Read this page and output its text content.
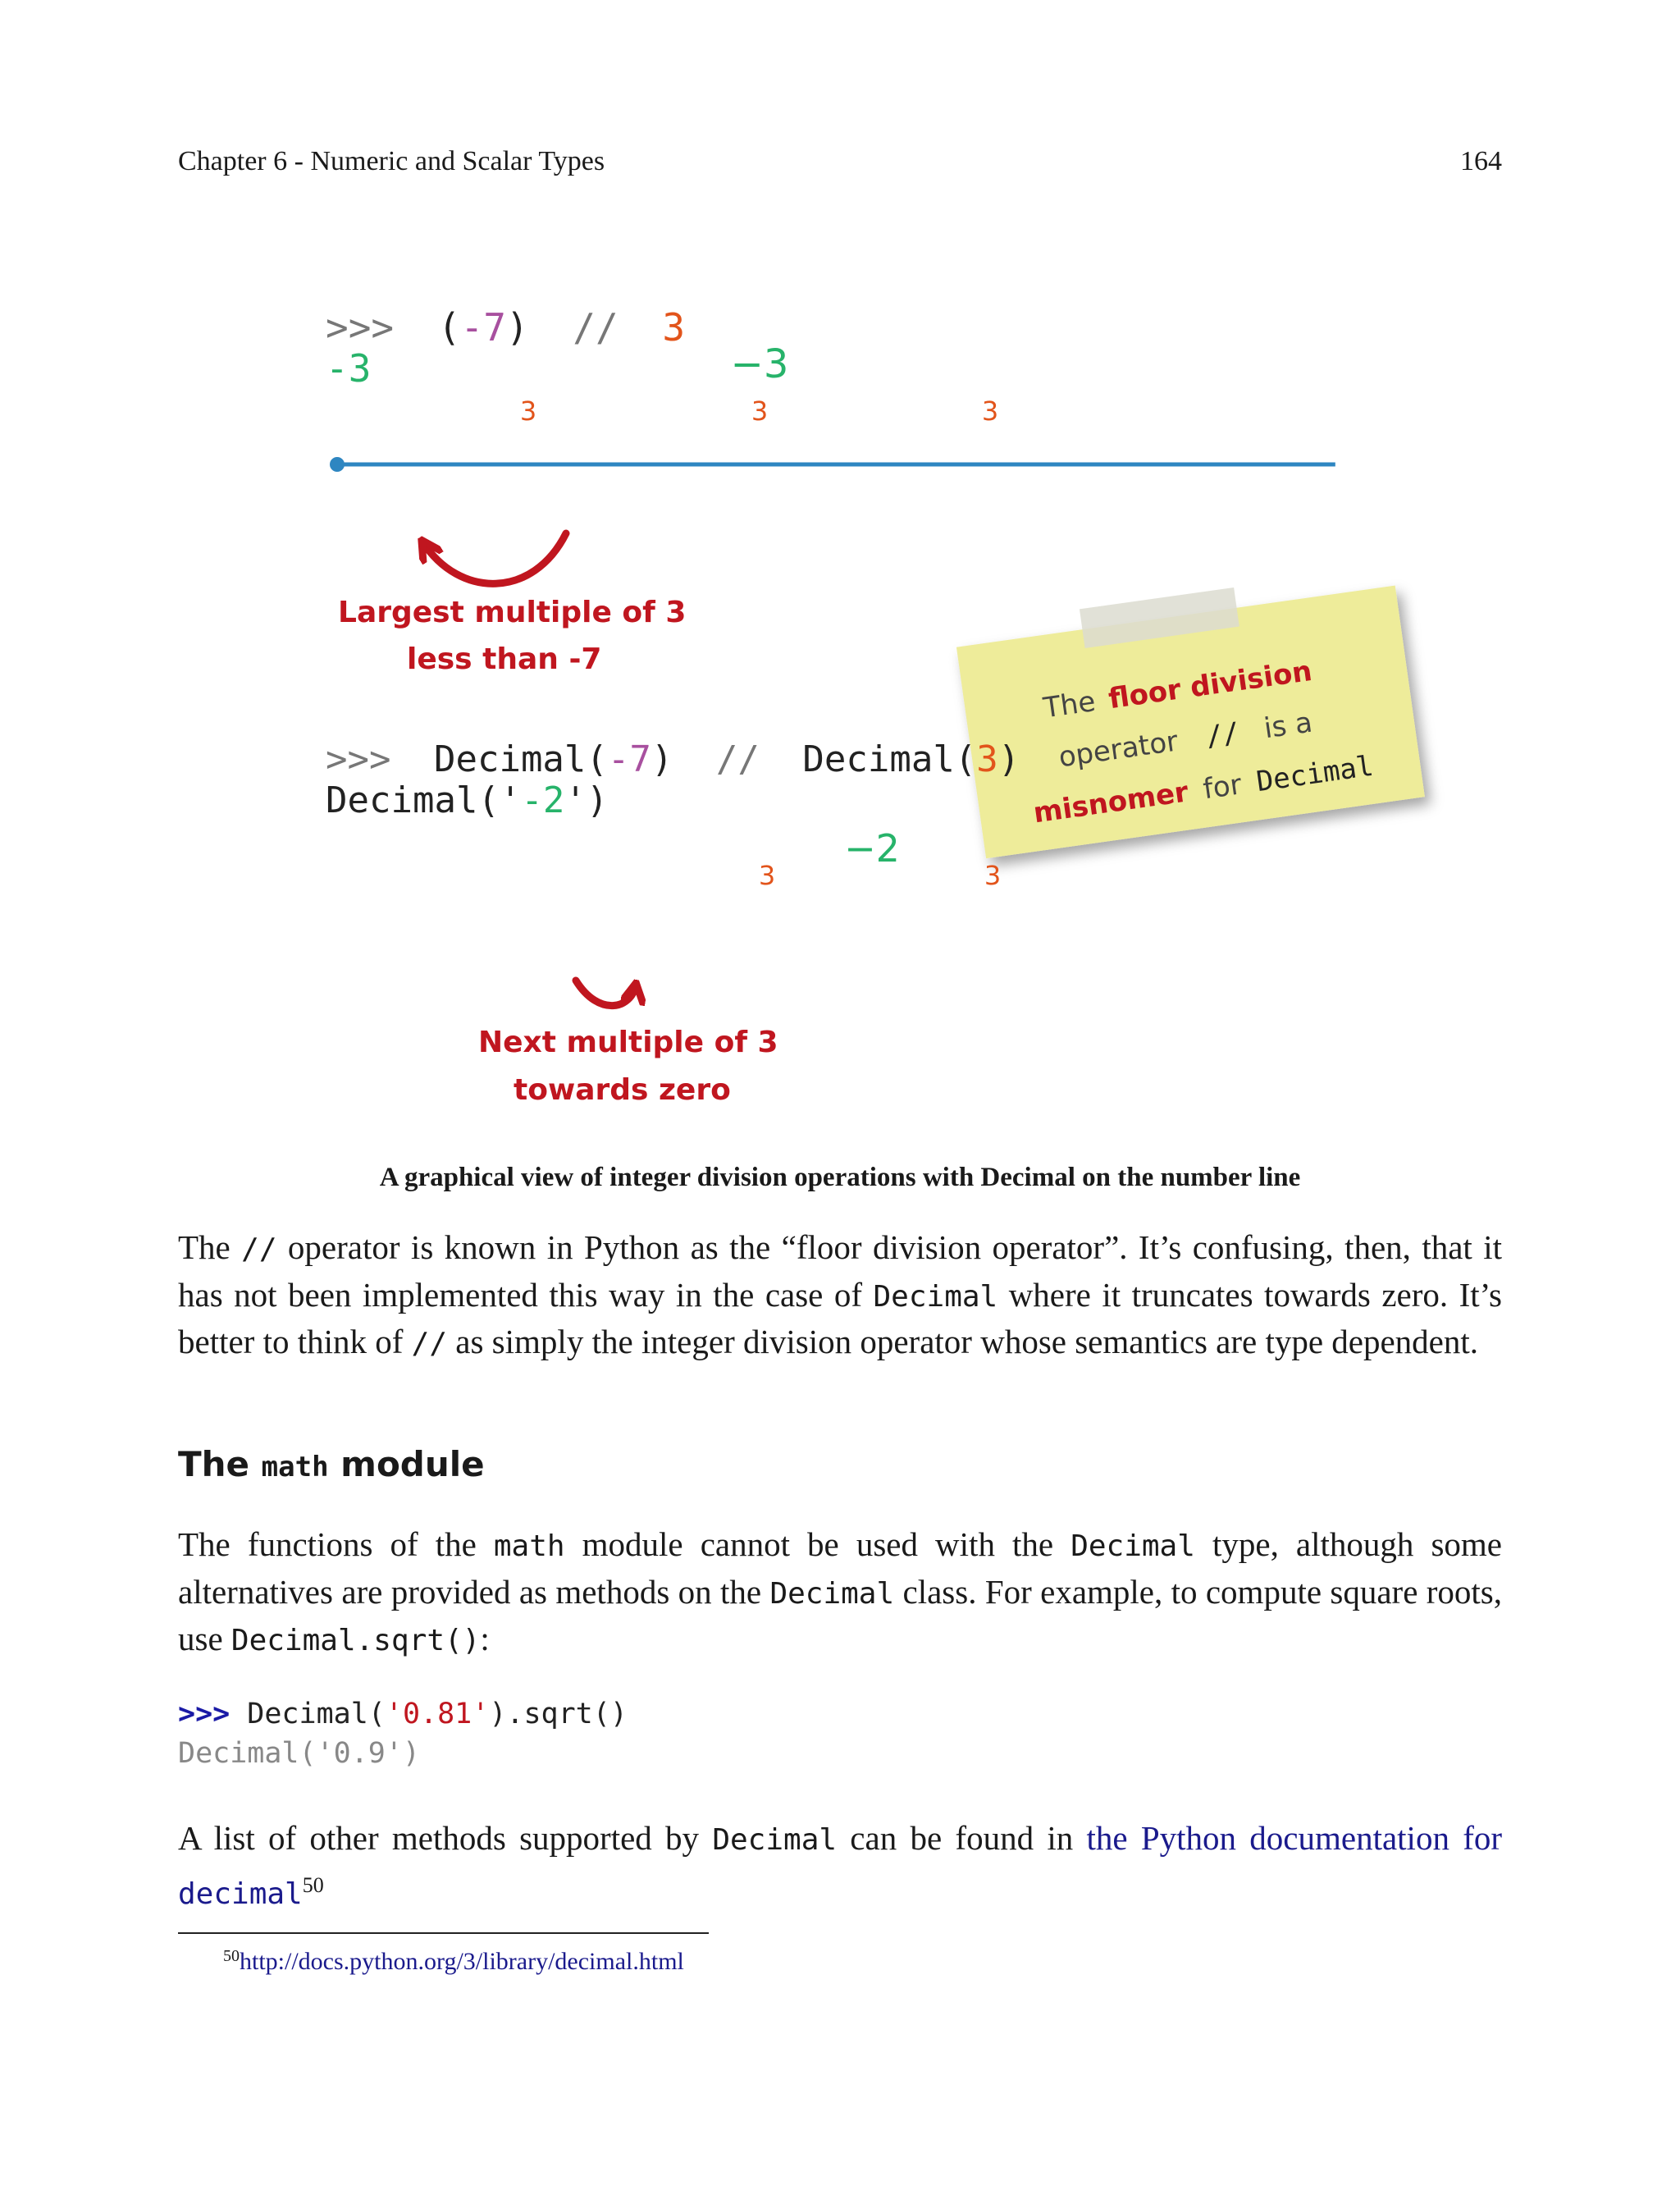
Chapter 6 - Numeric and Scalar Types	164
>>> (-7) // 3
-3	−3
3	3	3
Largest multiple of 3
less than -7
The floor division
operator // is a
misnomer for Decimal
>>> Decimal(-7) // Decimal(3)
Decimal('-2')
−2
3	3
Next multiple of 3
towards zero
A graphical view of integer division operations with Decimal on the number line
The // operator is known in Python as the “floor division operator”. It’s confusing, then, that it has not been implemented this way in the case of Decimal where it truncates towards zero. It’s better to think of // as simply the integer division operator whose semantics are type dependent.
The math module
The functions of the math module cannot be used with the Decimal type, although some alternatives are provided as methods on the Decimal class. For example, to compute square roots, use Decimal.sqrt():
>>> Decimal('0.81').sqrt()
Decimal('0.9')
A list of other methods supported by Decimal can be found in the Python documentation for decimal$^{50}$
$^{50}$http://docs.python.org/3/library/decimal.html
